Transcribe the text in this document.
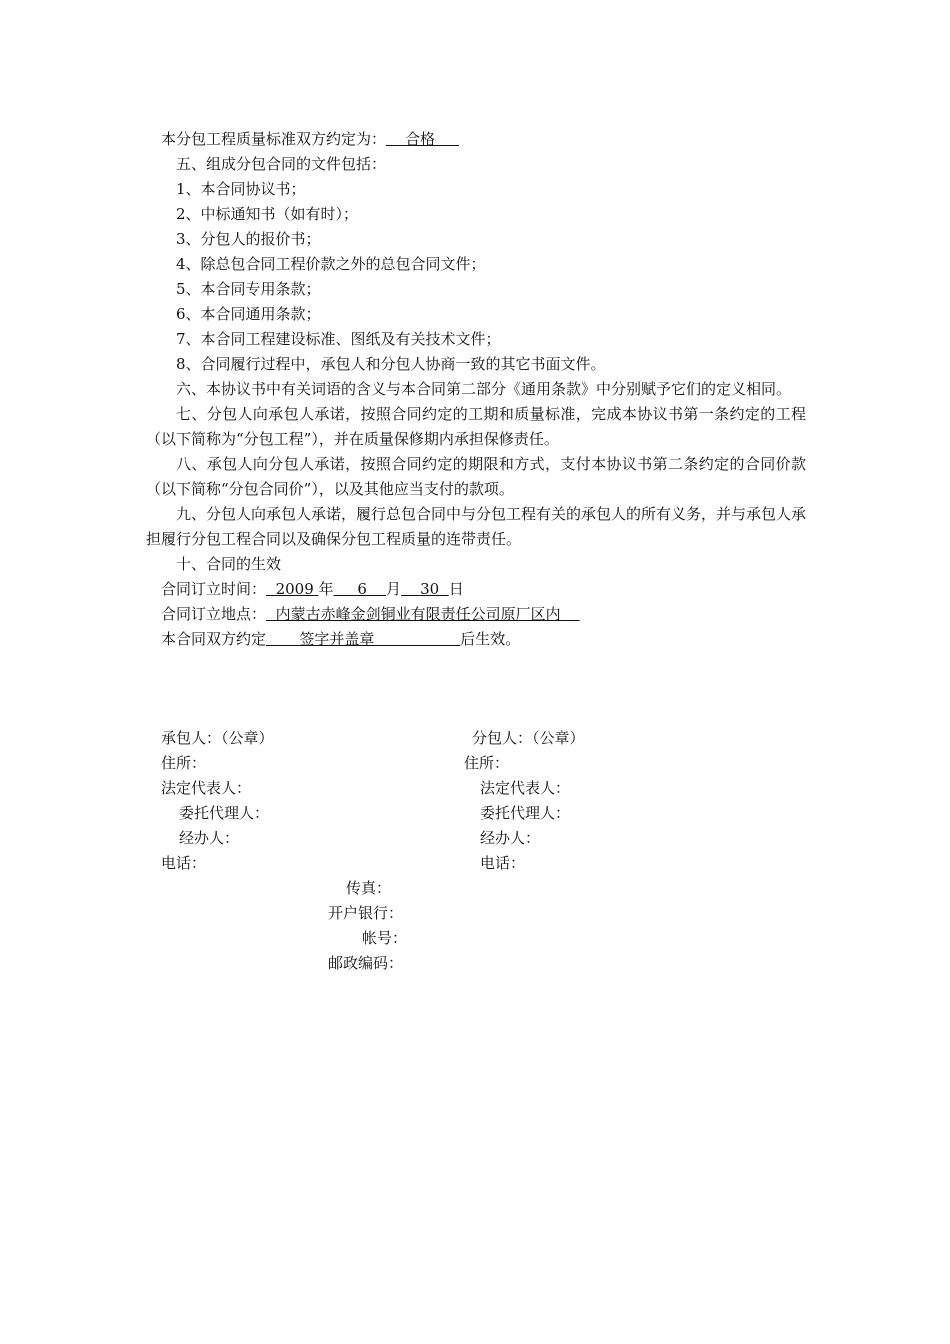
本分包工程质量标准双方约定为： 合格

五、组成分包合同的文件包括：

1、本合同协议书；

2、中标通知书（如有时）；

3、分包人的报价书；

4、除总包合同工程价款之外的总包合同文件；

5、本合同专用条款；

6、本合同通用条款；

7、本合同工程建设标准、图纸及有关技术文件；

8、合同履行过程中，承包人和分包人协商一致的其它书面文件。

六、本协议书中有关词语的含义与本合同第二部分《通用条款》中分别赋予它们的定义相同。

七、分包人向承包人承诺，按照合同约定的工期和质量标准，完成本协议书第一条约定的工程（以下简称为“分包工程”），并在质量保修期内承担保修责任。

八、承包人向分包人承诺，按照合同约定的期限和方式，支付本协议书第二条约定的合同价款（以下简称“分包合同价”），以及其他应当支付的款项。

九、分包人向承包人承诺，履行总包合同中与分包工程有关的承包人的所有义务，并与承包人承担履行分包工程合同以及确保分包工程质量的连带责任。

十、合同的生效

合同订立时间： 2009 年 6 月 30 日

合同订立地点： 内蒙古赤峰金剑铜业有限责任公司原厂区内

本合同双方约定 签字并盖章	后生效。

承包人：（公章）	分包人：（公章）
住所：	住所：
法定代表人：	法定代表人：
委托代理人：	委托代理人：
经办人：	经办人：
电话：	电话：
传真：
开户银行：
帐号：
邮政编码：
